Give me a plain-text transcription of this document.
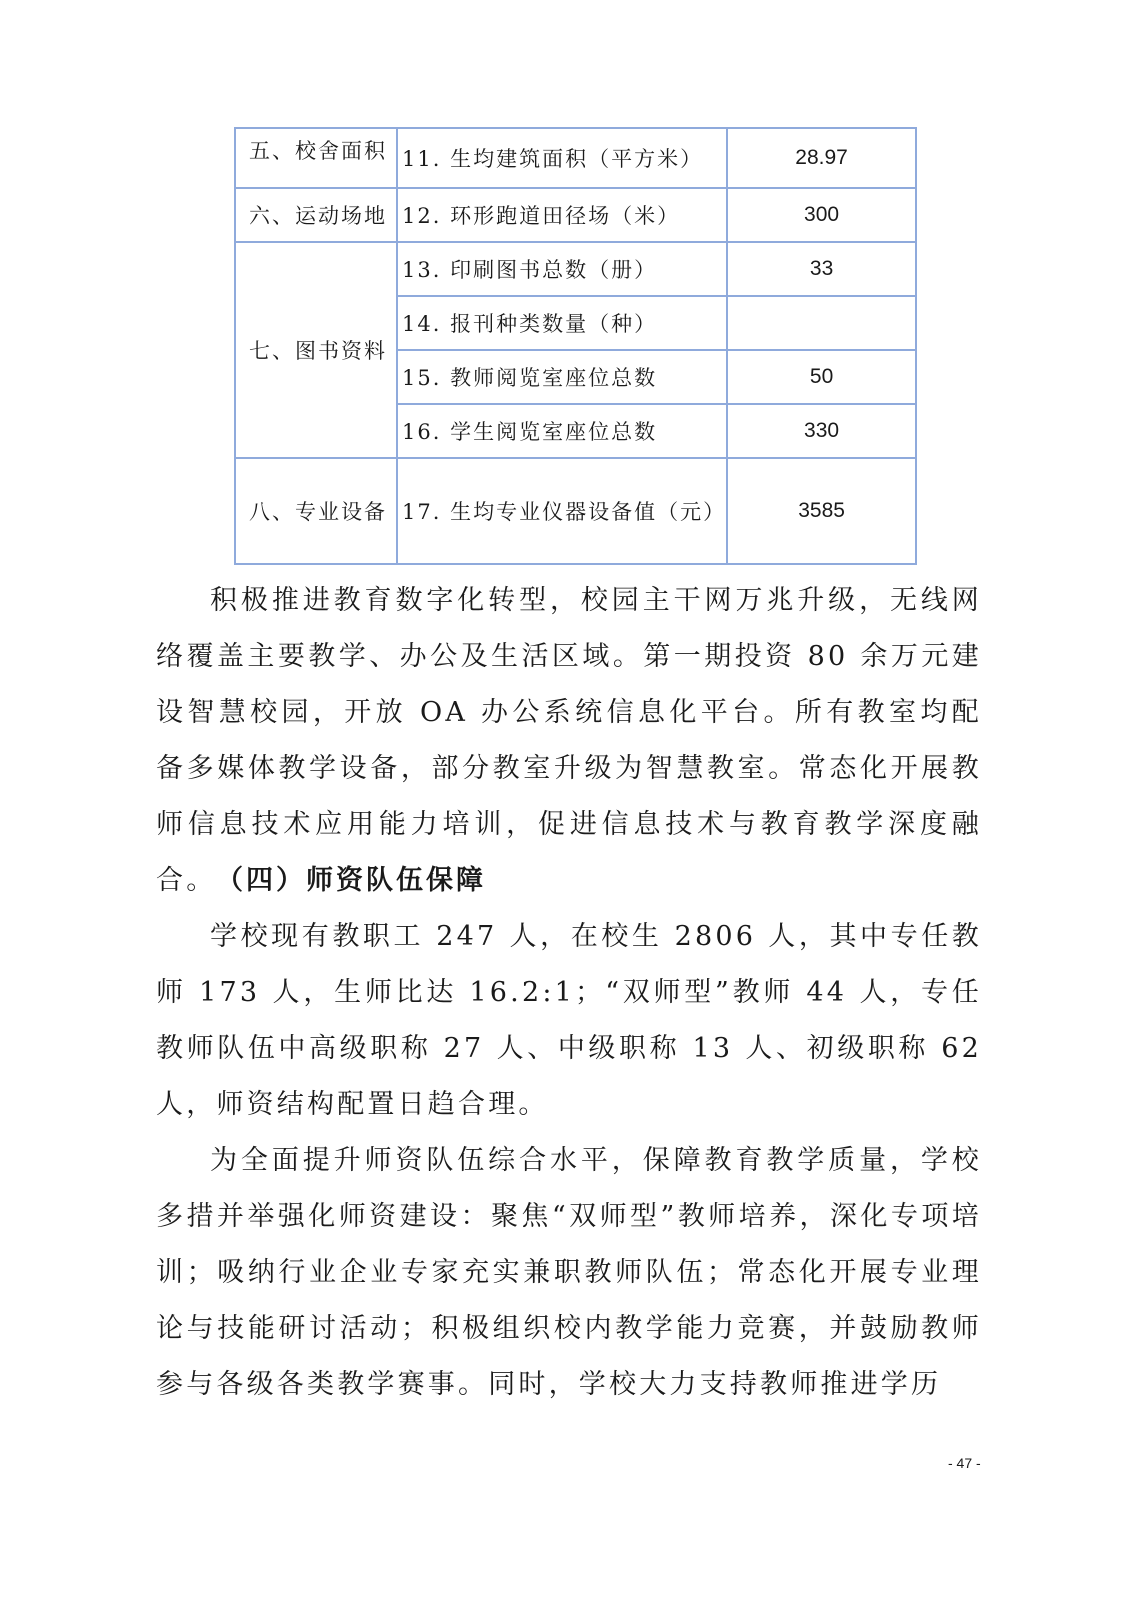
五、校舍面积	11. 生均建筑面积（平方米）	28.97
六、运动场地	12. 环形跑道田径场（米）	300
七、图书资料	13. 印刷图书总数（册）	33
	14. 报刊种类数量（种）	
	15. 教师阅览室座位总数	50
	16. 学生阅览室座位总数	330
八、专业设备	17. 生均专业仪器设备值（元）	3585

积极推进教育数字化转型，校园主干网万兆升级，无线网络覆盖主要教学、办公及生活区域。第一期投资 80 余万元建设智慧校园，开放 OA 办公系统信息化平台。所有教室均配备多媒体教学设备，部分教室升级为智慧教室。常态化开展教师信息技术应用能力培训，促进信息技术与教育教学深度融合。 （四）师资队伍保障

学校现有教职工 247 人，在校生 2806 人，其中专任教师 173 人，生师比达 16.2:1；“双师型”教师 44 人，专任教师队伍中高级职称 27 人、中级职称 13 人、初级职称 62 人，师资结构配置日趋合理。

为全面提升师资队伍综合水平，保障教育教学质量，学校多措并举强化师资建设：聚焦“双师型”教师培养，深化专项培训；吸纳行业企业专家充实兼职教师队伍；常态化开展专业理论与技能研讨活动；积极组织校内教学能力竞赛，并鼓励教师参与各级各类教学赛事。同时，学校大力支持教师推进学历

- 47 -
